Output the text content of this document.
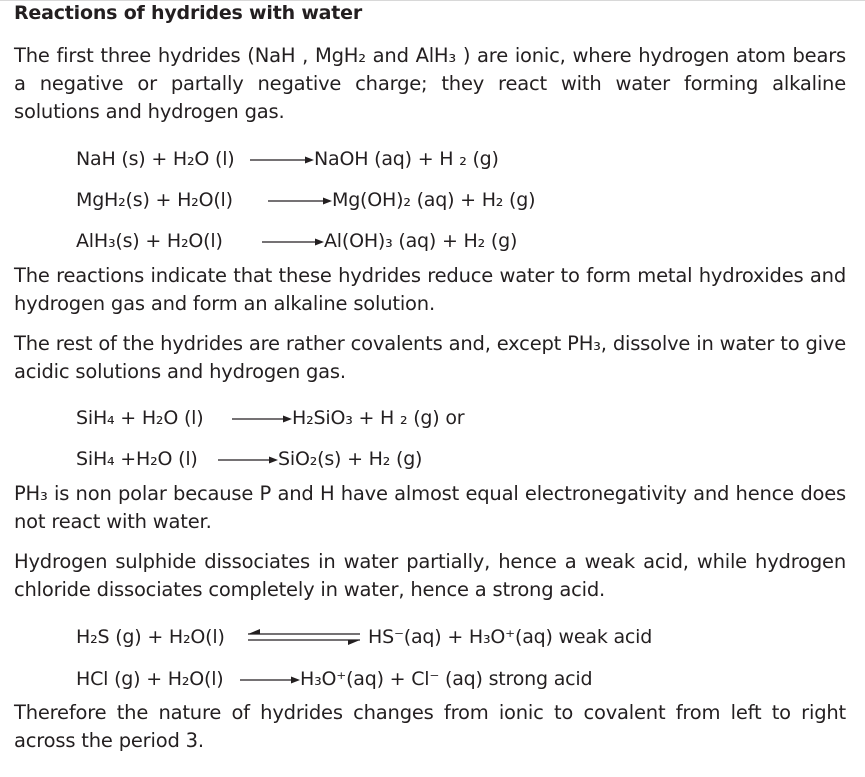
Reactions of hydrides with water
The first three hydrides (NaH , MgH₂ and AlH₃ ) are ionic, where hydrogen atom bears a negative or partally negative charge; they react with water forming alkaline solutions and hydrogen gas.
NaH (s) + H₂O (l) → NaOH (aq) + H ₂ (g)
MgH₂(s) + H₂O(l) → Mg(OH)₂ (aq) + H₂ (g)
AlH₃(s) + H₂O(l) → Al(OH)₃ (aq) + H₂ (g)
The reactions indicate that these hydrides reduce water to form metal hydroxides and hydrogen gas and form an alkaline solution.
The rest of the hydrides are rather covalents and, except PH₃, dissolve in water to give acidic solutions and hydrogen gas.
SiH₄ + H₂O (l) → H₂SiO₃ + H ₂ (g) or
SiH₄ +H₂O (l) → SiO₂(s) + H₂ (g)
PH₃ is non polar because P and H have almost equal electronegativity and hence does not react with water.
Hydrogen sulphide dissociates in water partially, hence a weak acid, while hydrogen chloride dissociates completely in water, hence a strong acid.
H₂S (g) + H₂O(l)	HS⁻(aq) + H₃O⁺(aq) weak acid
HCl (g) + H₂O(l) → H₃O⁺(aq) + Cl⁻ (aq) strong acid
Therefore the nature of hydrides changes from ionic to covalent from left to right across the period 3.
